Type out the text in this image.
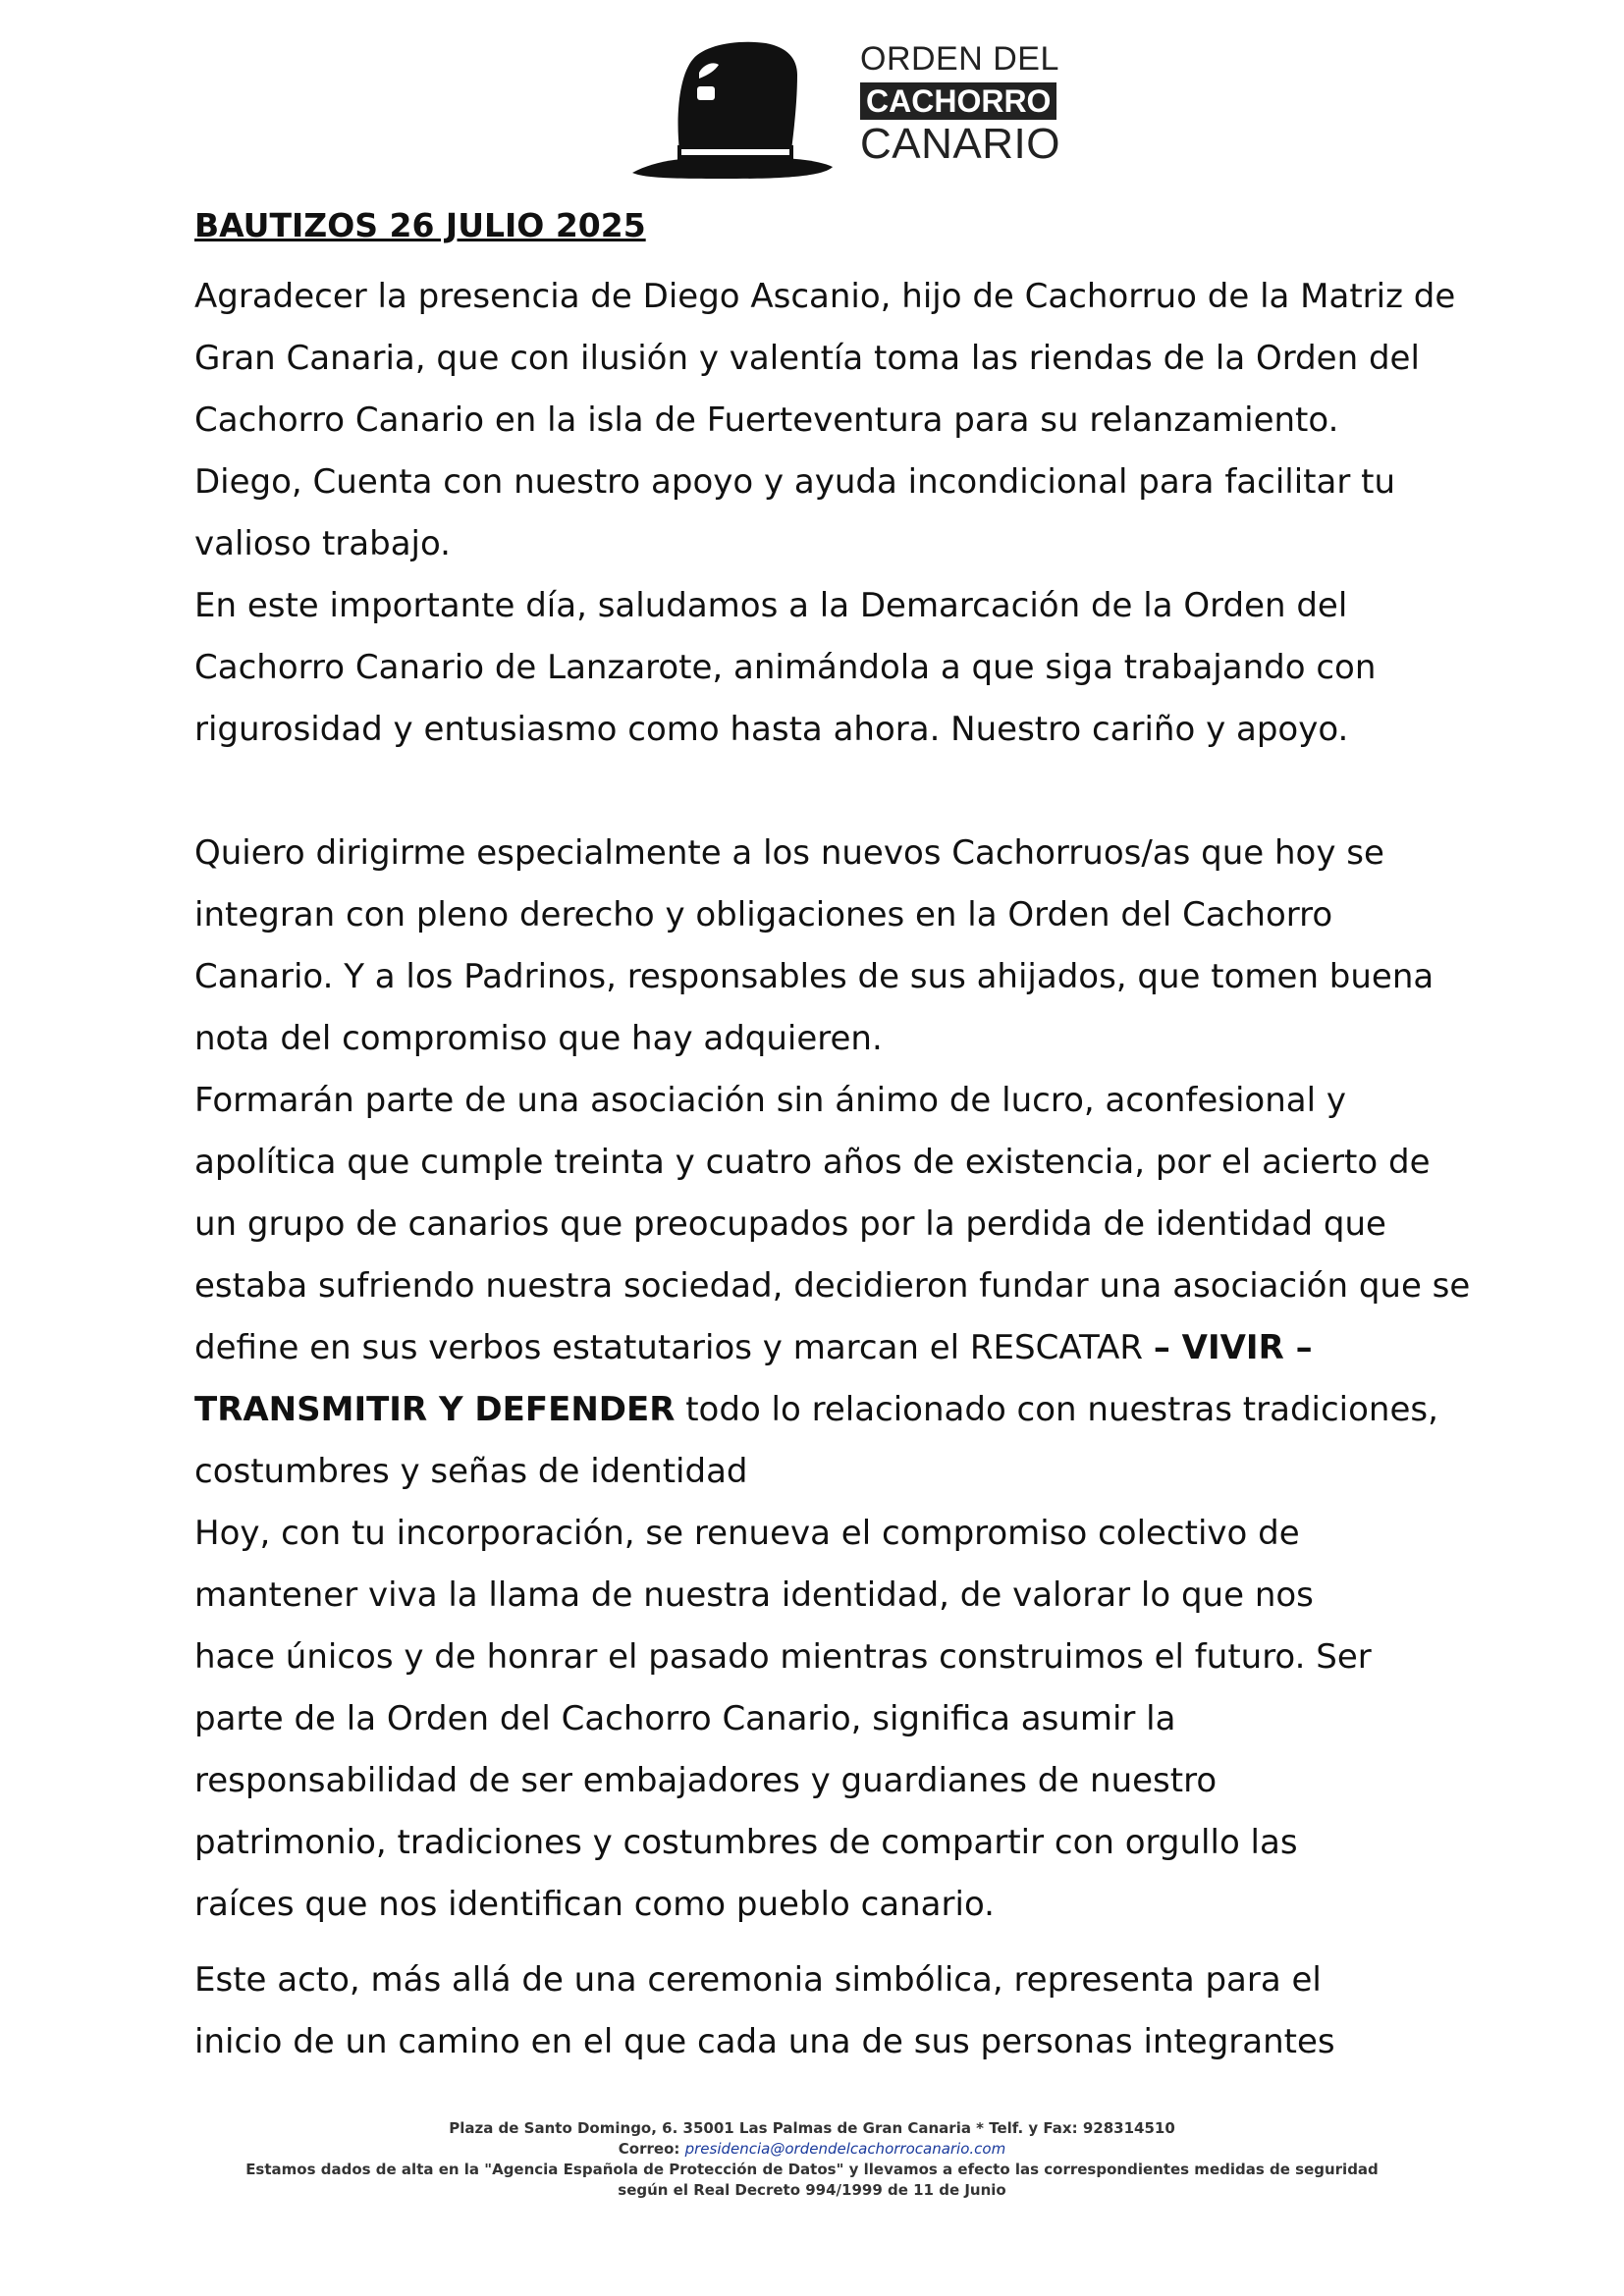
ORDEN DEL
CACHORRO
CANARIO
BAUTIZOS 26 JULIO 2025
Agradecer la presencia de Diego Ascanio, hijo de Cachorruo de la Matriz de
Gran Canaria, que con ilusión y valentía toma las riendas de la Orden del
Cachorro Canario en la isla de Fuerteventura para su relanzamiento.
Diego, Cuenta con nuestro apoyo y ayuda incondicional para facilitar tu
valioso trabajo.
En este importante día, saludamos a la Demarcación de la Orden del
Cachorro Canario de Lanzarote, animándola a que siga trabajando con
rigurosidad y entusiasmo como hasta ahora. Nuestro cariño y apoyo.
Quiero dirigirme especialmente a los nuevos Cachorruos/as que hoy se
integran con pleno derecho y obligaciones en la Orden del Cachorro
Canario. Y a los Padrinos, responsables de sus ahijados, que tomen buena
nota del compromiso que hay adquieren.
Formarán parte de una asociación sin ánimo de lucro, aconfesional y
apolítica que cumple treinta y cuatro años de existencia, por el acierto de
un grupo de canarios que preocupados por la perdida de identidad que
estaba sufriendo nuestra sociedad, decidieron fundar una asociación que se
define en sus verbos estatutarios y marcan el RESCATAR – VIVIR –
TRANSMITIR Y DEFENDER todo lo relacionado con nuestras tradiciones,
costumbres y señas de identidad
Hoy, con tu incorporación, se renueva el compromiso colectivo de
mantener viva la llama de nuestra identidad, de valorar lo que nos
hace únicos y de honrar el pasado mientras construimos el futuro. Ser
parte de la Orden del Cachorro Canario, significa asumir la
responsabilidad de ser embajadores y guardianes de nuestro
patrimonio, tradiciones y costumbres de compartir con orgullo las
raíces que nos identifican como pueblo canario.
Este acto, más allá de una ceremonia simbólica, representa para el
inicio de un camino en el que cada una de sus personas integrantes
Plaza de Santo Domingo, 6. 35001 Las Palmas de Gran Canaria * Telf. y Fax: 928314510
Correo: presidencia@ordendelcachorrocanario.com
Estamos dados de alta en la "Agencia Española de Protección de Datos" y llevamos a efecto las correspondientes medidas de seguridad
según el Real Decreto 994/1999 de 11 de Junio
